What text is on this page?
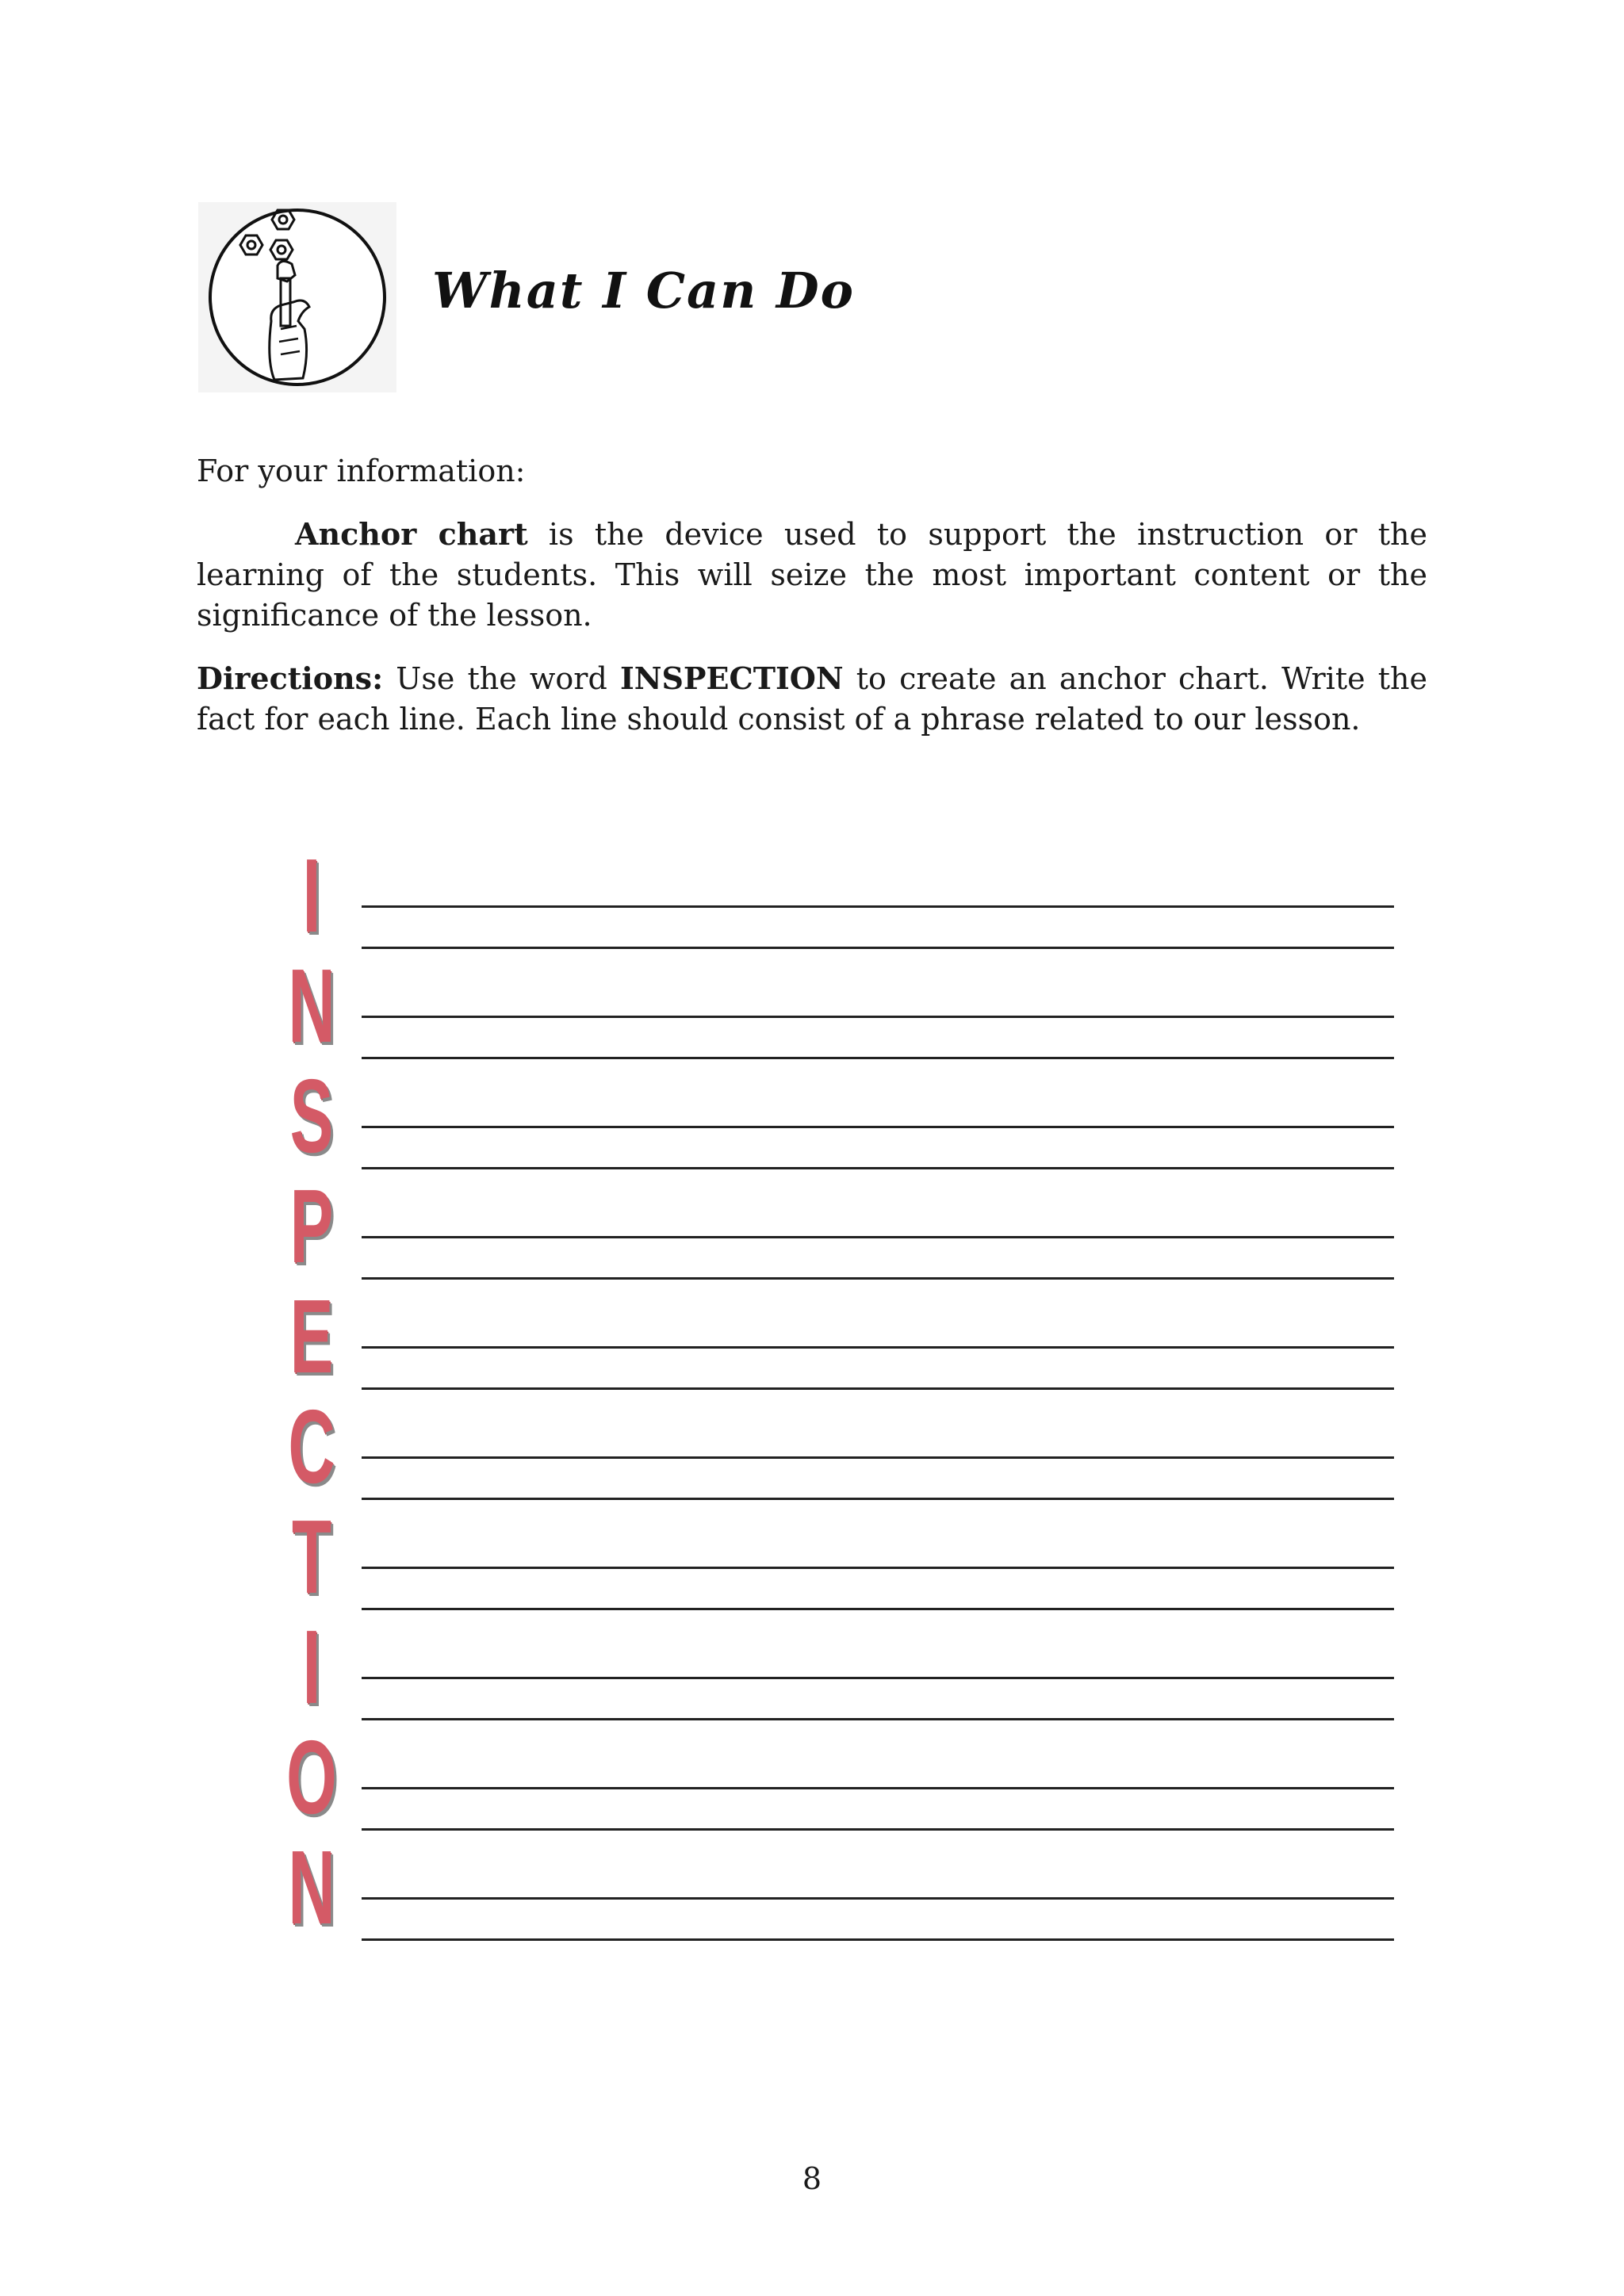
What I Can Do

For your information:

Anchor chart is the device used to support the instruction or the learning of the students. This will seize the most important content or the significance of the lesson.

Directions: Use the word INSPECTION to create an anchor chart. Write the fact for each line. Each line should consist of a phrase related to our lesson.

I
N
S
P
E
C
T
I
O
N

8
